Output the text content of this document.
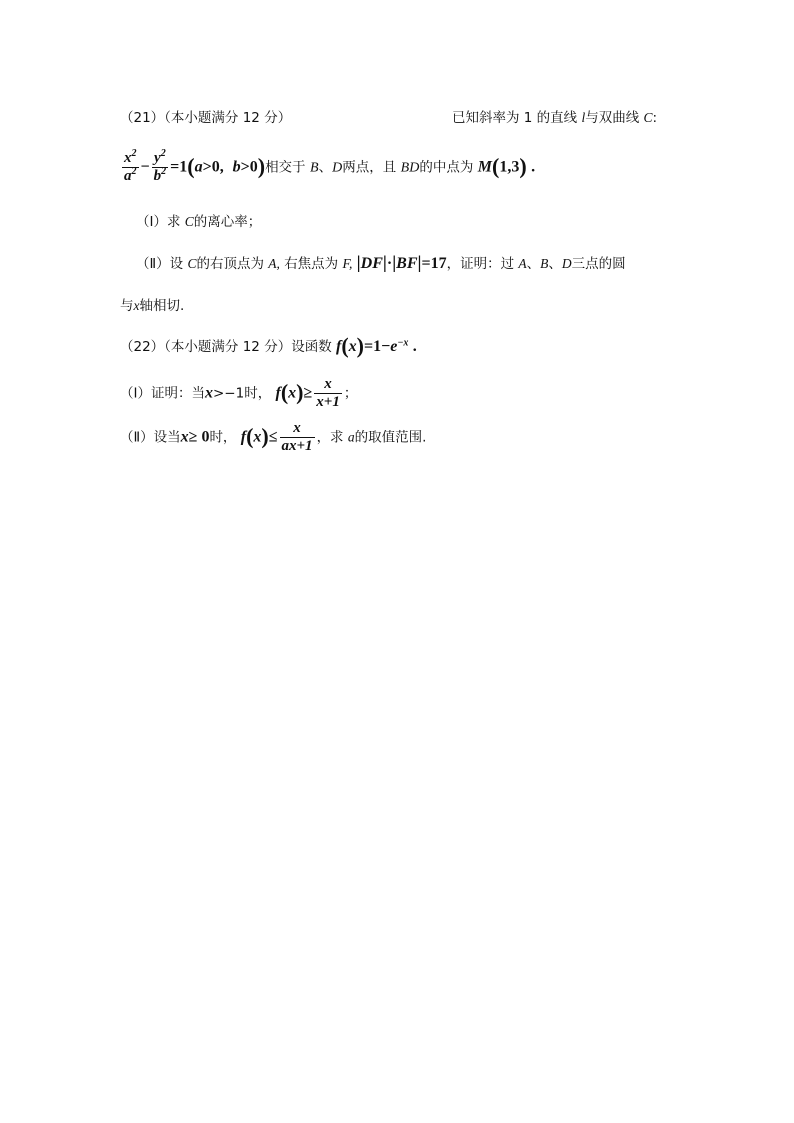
（21）（本小题满分 12 分）	已知斜率为 1 的直线 l与双曲线 C:
$\frac{x^2}{a^2} - \frac{y^2}{b^2} =1(a>0$, b>0)相交于 B、D两点，且 BD的中点为 M(1,3) .
（Ⅰ）求 C的离心率；
（Ⅱ）设 C的右顶点为 A, 右焦点为 F, |DF|·|BF|=17，证明：过 A、B、D三点的圆
与x轴相切.
（22）（本小题满分 12 分）设函数 $f(x)=1-e^{-x}$ .
（Ⅰ）证明：当x>−1时， $f(x)\ge \frac{x}{x+1}$ ；
（Ⅱ）设当x≥ 0时， $f(x)\le \frac{x}{ax+1}$ ，求 a的取值范围.
